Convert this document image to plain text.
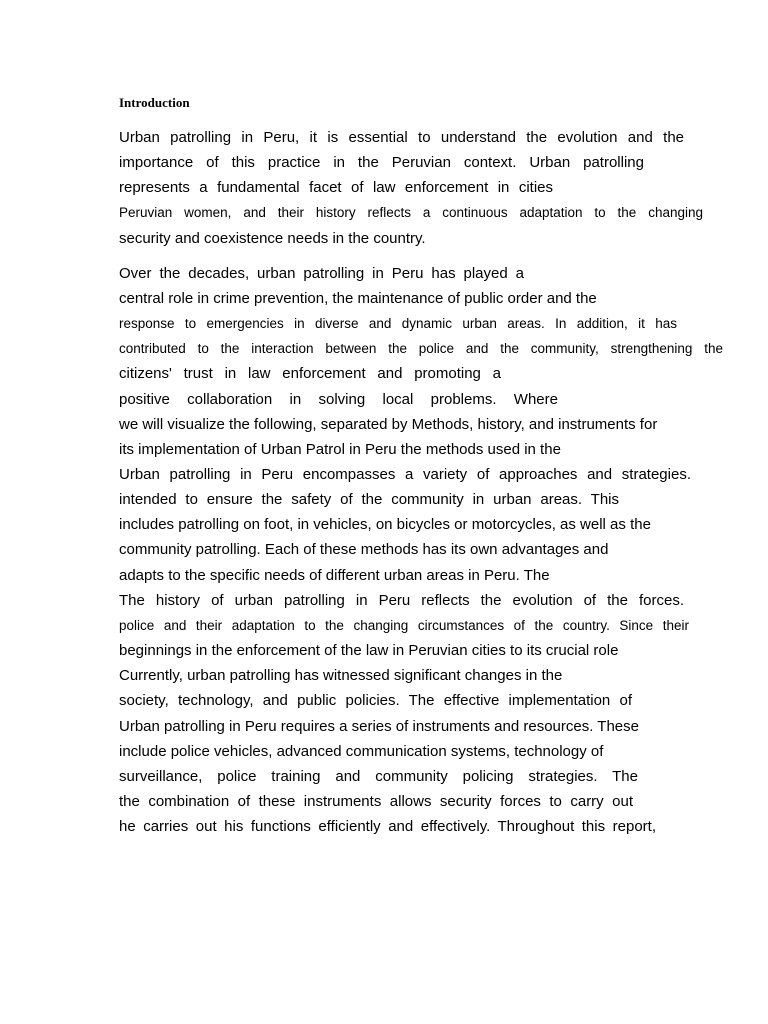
Introduction
Urban patrolling in Peru, it is essential to understand the evolution and the
importance of this practice in the Peruvian context. Urban patrolling
represents a fundamental facet of law enforcement in cities
Peruvian women, and their history reflects a continuous adaptation to the changing
security and coexistence needs in the country.
Over the decades, urban patrolling in Peru has played a
central role in crime prevention, the maintenance of public order and the
response to emergencies in diverse and dynamic urban areas. In addition, it has
contributed to the interaction between the police and the community, strengthening the
citizens' trust in law enforcement and promoting a
positive collaboration in solving local problems. Where
we will visualize the following, separated by Methods, history, and instruments for
its implementation of Urban Patrol in Peru the methods used in the
Urban patrolling in Peru encompasses a variety of approaches and strategies.
intended to ensure the safety of the community in urban areas. This
includes patrolling on foot, in vehicles, on bicycles or motorcycles, as well as the
community patrolling. Each of these methods has its own advantages and
adapts to the specific needs of different urban areas in Peru. The
The history of urban patrolling in Peru reflects the evolution of the forces.
police and their adaptation to the changing circumstances of the country. Since their
beginnings in the enforcement of the law in Peruvian cities to its crucial role
Currently, urban patrolling has witnessed significant changes in the
society, technology, and public policies. The effective implementation of
Urban patrolling in Peru requires a series of instruments and resources. These
include police vehicles, advanced communication systems, technology of
surveillance, police training and community policing strategies. The
the combination of these instruments allows security forces to carry out
he carries out his functions efficiently and effectively. Throughout this report,
